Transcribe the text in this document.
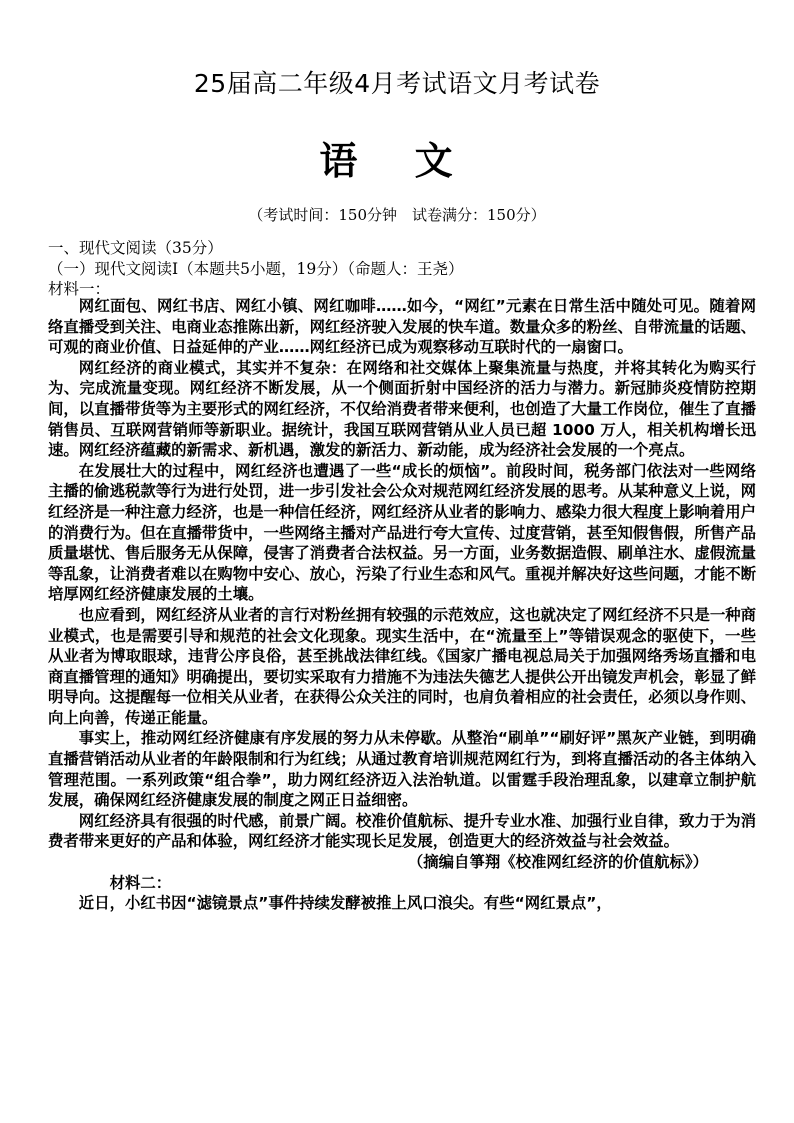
25届高二年级4月考试语文月考试卷
语 文
（考试时间：150分钟　试卷满分：150分）
一、现代文阅读（35分）
（一）现代文阅读Ⅰ（本题共5小题，19分）（命题人：王尧）
材料一：

网红面包、网红书店、网红小镇、网红咖啡……如今，“网红”元素在日常生活中随处可见。随着网络直播受到关注、电商业态推陈出新，网红经济驶入发展的快车道。数量众多的粉丝、自带流量的话题、可观的商业价值、日益延伸的产业……网红经济已成为观察移动互联时代的一扇窗口。

网红经济的商业模式，其实并不复杂：在网络和社交媒体上聚集流量与热度，并将其转化为购买行为、完成流量变现。网红经济不断发展，从一个侧面折射中国经济的活力与潜力。新冠肺炎疫情防控期间，以直播带货等为主要形式的网红经济，不仅给消费者带来便利，也创造了大量工作岗位，催生了直播销售员、互联网营销师等新职业。据统计，我国互联网营销从业人员已超 1000 万人，相关机构增长迅速。网红经济蕴藏的新需求、新机遇，激发的新活力、新动能，成为经济社会发展的一个亮点。

在发展壮大的过程中，网红经济也遭遇了一些“成长的烦恼”。前段时间，税务部门依法对一些网络主播的偷逃税款等行为进行处罚，进一步引发社会公众对规范网红经济发展的思考。从某种意义上说，网红经济是一种注意力经济，也是一种信任经济，网红经济从业者的影响力、感染力很大程度上影响着用户的消费行为。但在直播带货中，一些网络主播对产品进行夸大宣传、过度营销，甚至知假售假，所售产品质量堪忧、售后服务无从保障，侵害了消费者合法权益。另一方面，业务数据造假、刷单注水、虚假流量等乱象，让消费者难以在购物中安心、放心，污染了行业生态和风气。重视并解决好这些问题，才能不断培厚网红经济健康发展的土壤。

也应看到，网红经济从业者的言行对粉丝拥有较强的示范效应，这也就决定了网红经济不只是一种商业模式，也是需要引导和规范的社会文化现象。现实生活中，在“流量至上”等错误观念的驱使下，一些从业者为博取眼球，违背公序良俗，甚至挑战法律红线。《国家广播电视总局关于加强网络秀场直播和电商直播管理的通知》明确提出，要切实采取有力措施不为违法失德艺人提供公开出镜发声机会，彰显了鲜明导向。这提醒每一位相关从业者，在获得公众关注的同时，也肩负着相应的社会责任，必须以身作则、向上向善，传递正能量。

事实上，推动网红经济健康有序发展的努力从未停歇。从整治“刷单”“刷好评”黑灰产业链，到明确直播营销活动从业者的年龄限制和行为红线；从通过教育培训规范网红行为，到将直播活动的各主体纳入管理范围。一系列政策“组合拳”，助力网红经济迈入法治轨道。以雷霆手段治理乱象，以建章立制护航发展，确保网红经济健康发展的制度之网正日益细密。

网红经济具有很强的时代感，前景广阔。校准价值航标、提升专业水准、加强行业自律，致力于为消费者带来更好的产品和体验，网红经济才能实现长足发展，创造更大的经济效益与社会效益。

（摘编自箏翔《校准网红经济的价值航标》）

材料二：

近日，小红书因“滤镜景点”事件持续发酵被推上风口浪尖。有些“网红景点”，
